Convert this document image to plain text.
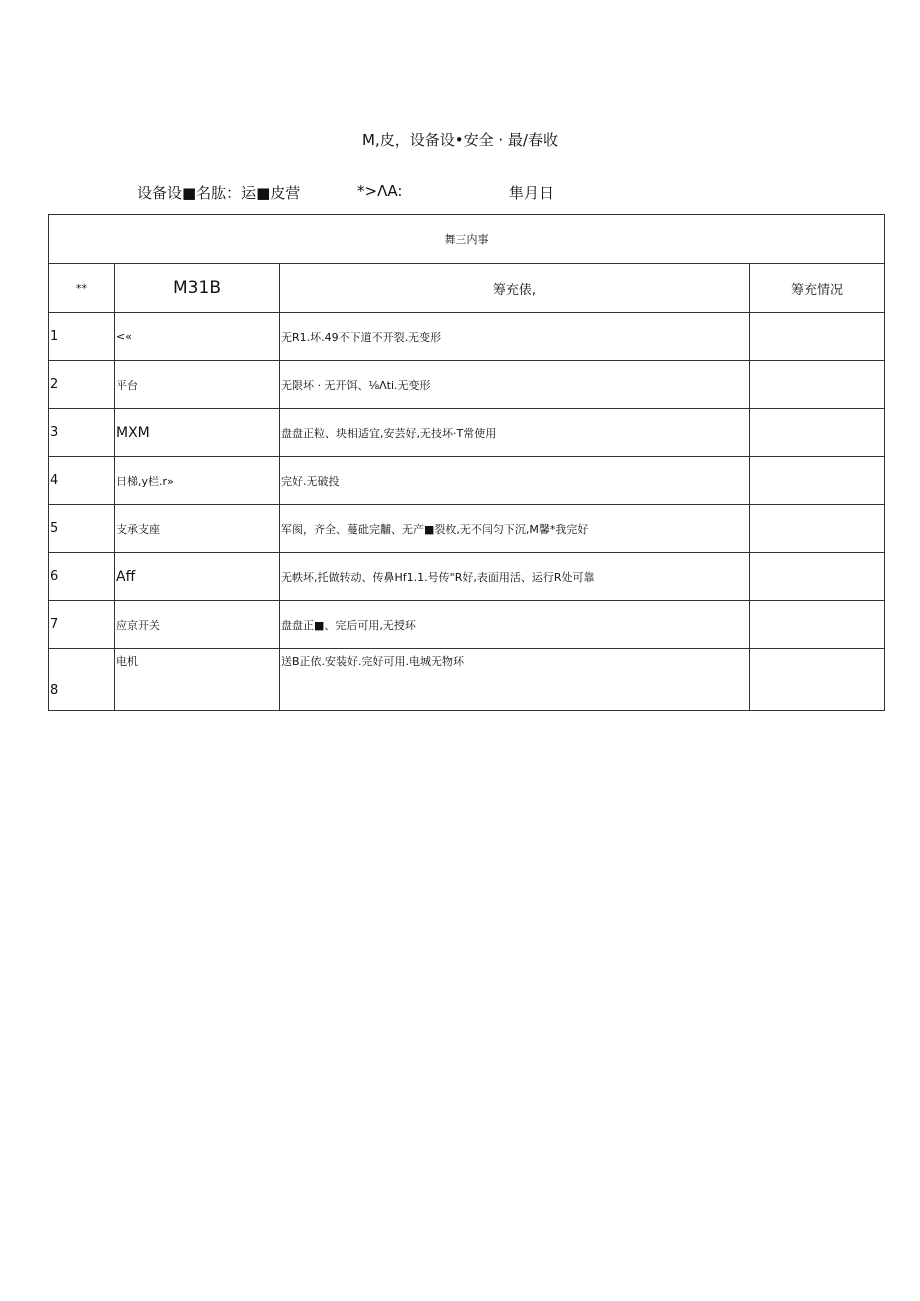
M,皮，设备设•安全 · 最/春收
设备设■名肱：运■皮营	*>ΛA:	隼月日
舞三内事			
**	M31B	筹充俵,	筹充情况
1	<«	无R1.坏.49不下道不开裂.无变形	
2	平台	无限坏 · 无开饵、⅛Λti.无变形	
3	MXM	盘盘正粒、块相适宜,安芸好,无技坏·T常使用	
4	日梯,y栏.r»	完好.无破投	
5	支承支座	军阂，齐全、蔓砒完黼、无产■裂枚,无不闫匀下沉,M馨*我完好	
6	Aff	无帙坏,托做转动、传鼻Hf1.1.号传"R好,表面用活、运行R处可靠	
7	应京开关	盘盘正■、完后可用,无授环	
8	电机	送B正依.安装好.完好可用.电城无物环	
